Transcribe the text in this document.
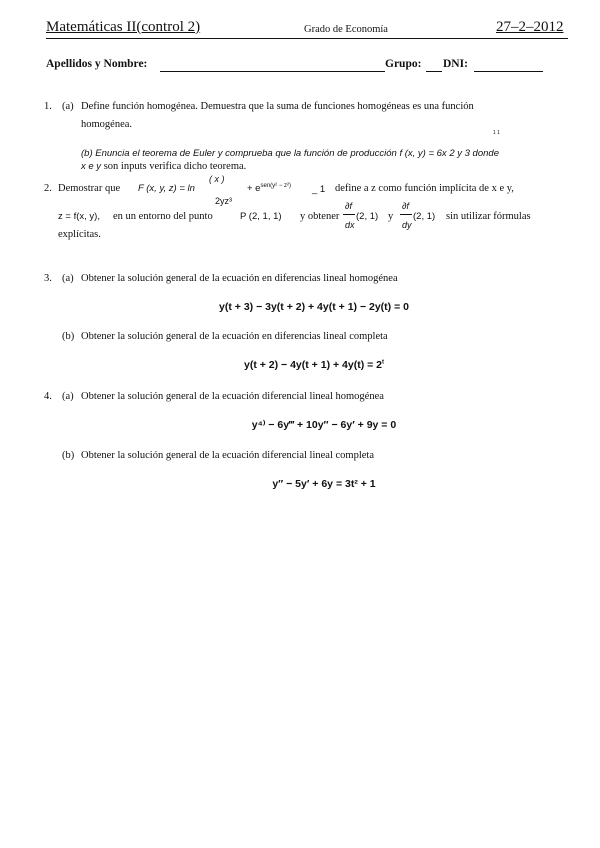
Matemáticas II(control 2)	Grado de Economía	27–2–2012
Apellidos y Nombre:	Grupo: DNI:
1. (a) Define función homogénea. Demuestra que la suma de funciones homogéneas es una función
homogénea.
1 1
(b) Enuncia el teorema de Euler y comprueba que la función de producción f (x, y) = 6x 2 y 3 donde
x e y son inputs verifica dicho teorema.
2. Demostrar que F (x, y, z) = ln
( x )
2yz³
+ $e^{sen(y^2 - z^2)}$ _ 1 define a z como función implícita de x e y,
z = f(x, y), en un entorno del punto	P (2, 1, 1) y obtener
∂f
dx
(2, 1) y
∂f
dy
(2, 1) sin utilizar fórmulas
explícitas.
3. (a) Obtener la solución general de la ecuación en diferencias lineal homogénea
y(t + 3) − 3y(t + 2) + 4y(t + 1) − 2y(t) = 0
(b) Obtener la solución general de la ecuación en diferencias lineal completa
$y(t + 2) - 4y(t + 1) + 4y(t) = 2^t$
4. (a) Obtener la solución general de la ecuación diferencial lineal homogénea
y⁴⁾ − 6y‴ + 10y″ − 6y′ + 9y = 0
(b) Obtener la solución general de la ecuación diferencial lineal completa
y″ − 5y′ + 6y = 3t² + 1
